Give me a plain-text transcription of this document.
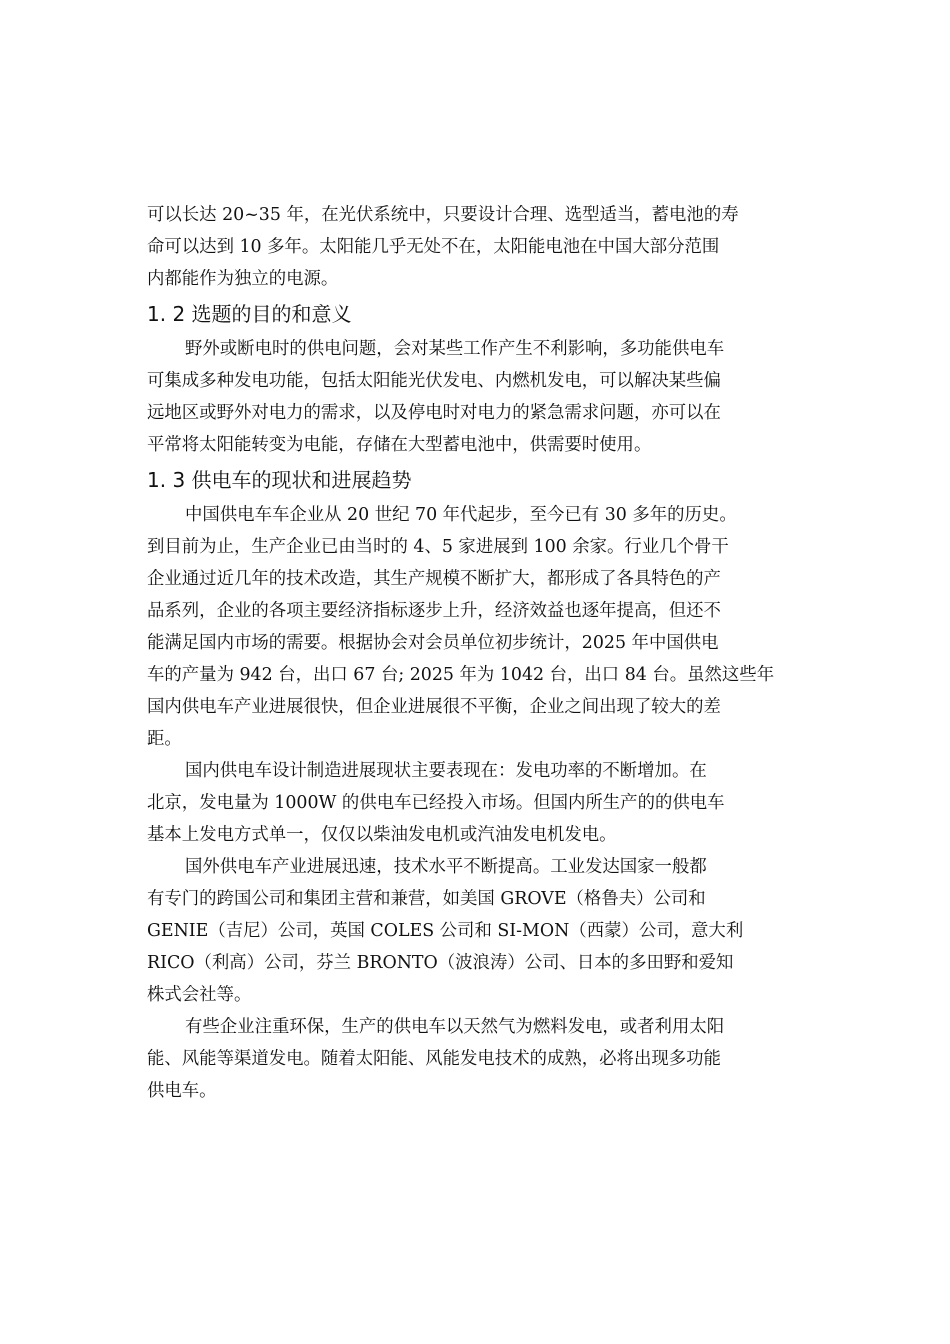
可以长达 20~35 年，在光伏系统中，只要设计合理、选型适当，蓄电池的寿
命可以达到 10 多年。太阳能几乎无处不在，太阳能电池在中国大部分范围
内都能作为独立的电源。

1. 2 选题的目的和意义

野外或断电时的供电问题，会对某些工作产生不利影响，多功能供电车
可集成多种发电功能，包括太阳能光伏发电、内燃机发电，可以解决某些偏
远地区或野外对电力的需求，以及停电时对电力的紧急需求问题，亦可以在
平常将太阳能转变为电能，存储在大型蓄电池中，供需要时使用。

1. 3 供电车的现状和进展趋势

中国供电车车企业从 20 世纪 70 年代起步，至今已有 30 多年的历史。
到目前为止，生产企业已由当时的 4、5 家进展到 100 余家。行业几个骨干
企业通过近几年的技术改造，其生产规模不断扩大，都形成了各具特色的产
品系列，企业的各项主要经济指标逐步上升，经济效益也逐年提高，但还不
能满足国内市场的需要。根据协会对会员单位初步统计，2025 年中国供电
车的产量为 942 台，出口 67 台; 2025 年为 1042 台，出口 84 台。虽然这些年
国内供电车产业进展很快，但企业进展很不平衡，企业之间出现了较大的差
距。

国内供电车设计制造进展现状主要表现在：发电功率的不断增加。在
北京，发电量为 1000W 的供电车已经投入市场。但国内所生产的的供电车
基本上发电方式单一，仅仅以柴油发电机或汽油发电机发电。

国外供电车产业进展迅速，技术水平不断提高。工业发达国家一般都
有专门的跨国公司和集团主营和兼营，如美国 GROVE（格鲁夫）公司和
GENIE（吉尼）公司，英国 COLES 公司和 SI-MON（西蒙）公司，意大利
RICO（利高）公司，芬兰 BRONTO（波浪涛）公司、日本的多田野和爱知
株式会社等。

有些企业注重环保，生产的供电车以天然气为燃料发电，或者利用太阳
能、风能等渠道发电。随着太阳能、风能发电技术的成熟，必将出现多功能
供电车。
